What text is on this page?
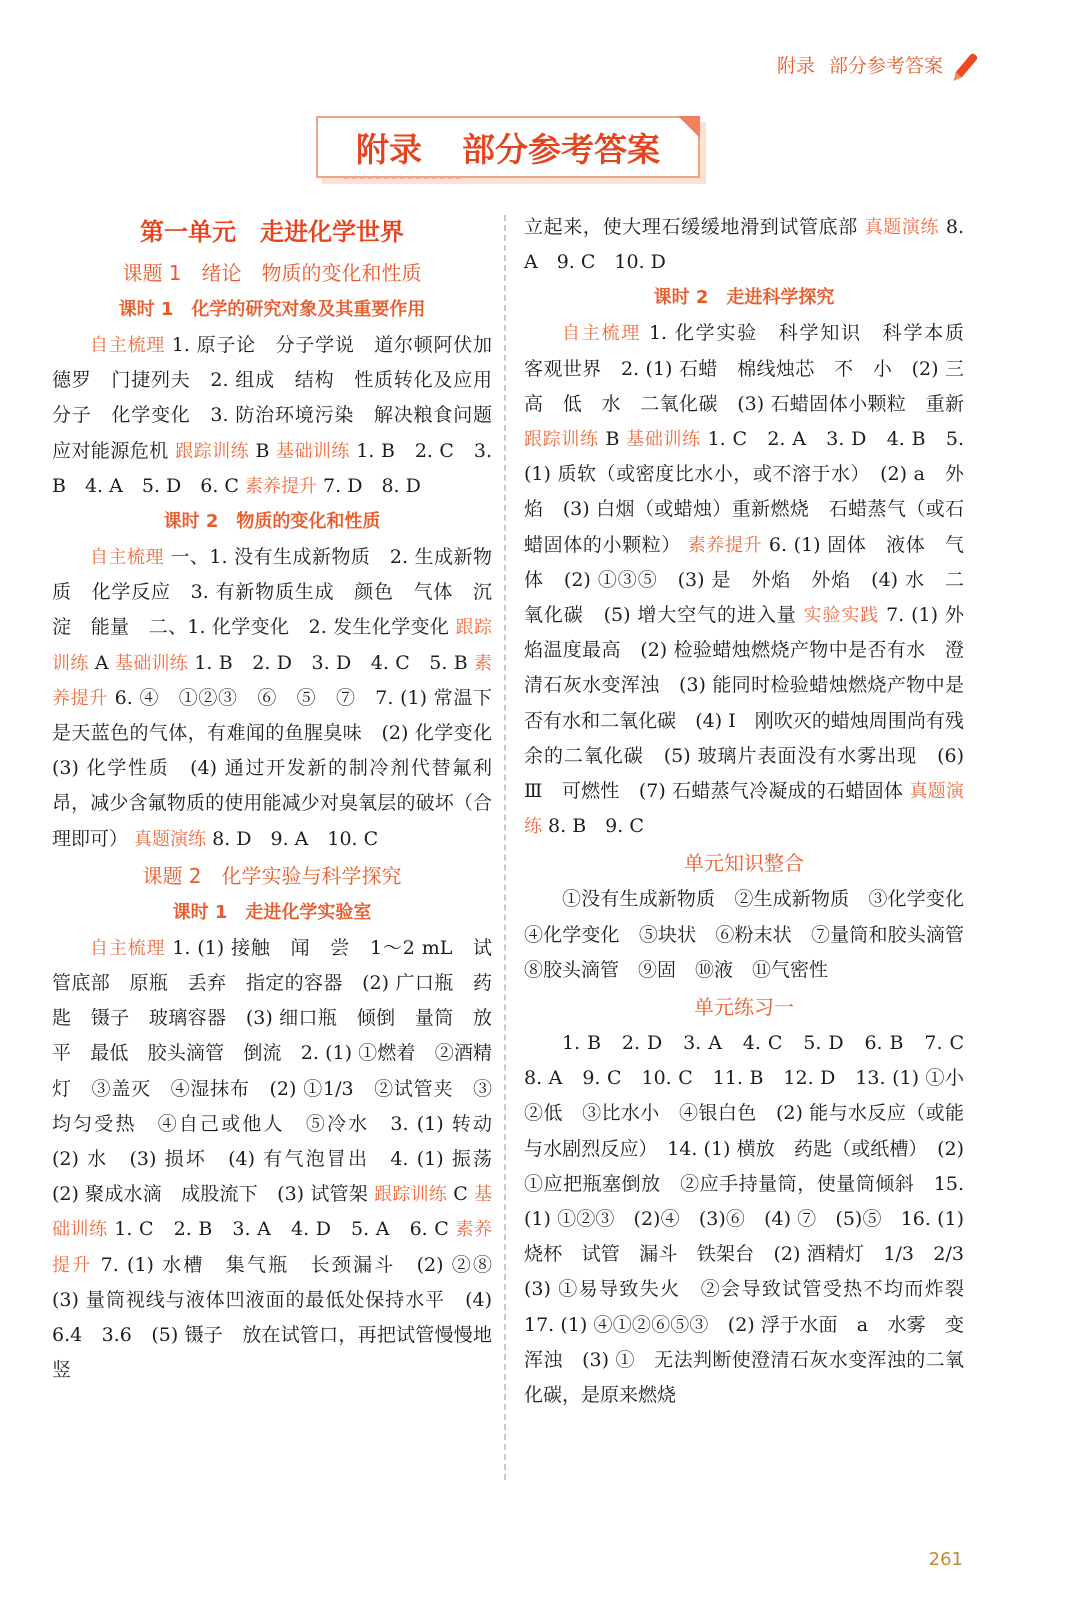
附录 部分参考答案
附录 部分参考答案
第一单元　走进化学世界
课题 1　绪论　物质的变化和性质
课时 1　化学的研究对象及其重要作用

自主梳理 1. 原子论　分子学说　道尔顿阿伏加德罗　门捷列夫　2. 组成　结构　性质转化及应用　分子　化学变化　3. 防治环境污染　解决粮食问题　应对能源危机 跟踪训练 B 基础训练 1. B　2. C　3. B　4. A　5. D　6. C 素养提升 7. D　8. D

课时 2　物质的变化和性质

自主梳理 一、1. 没有生成新物质　2. 生成新物质　化学反应　3. 有新物质生成　颜色　气体　沉淀　能量　二、1. 化学变化　2. 发生化学变化 跟踪训练 A 基础训练 1. B　2. D　3. D　4. C　5. B 素养提升 6. ④　①②③　⑥　⑤　⑦　7. (1) 常温下是天蓝色的气体，有难闻的鱼腥臭味　(2) 化学变化　(3) 化学性质　(4) 通过开发新的制冷剂代替氟利昂，减少含氟物质的使用能减少对臭氧层的破坏（合理即可） 真题演练 8. D　9. A　10. C

课题 2　化学实验与科学探究
课时 1　走进化学实验室

自主梳理 1. (1) 接触　闻　尝　1～2 mL　试管底部　原瓶　丢弃　指定的容器　(2) 广口瓶　药匙　镊子　玻璃容器　(3) 细口瓶　倾倒　量筒　放平　最低　胶头滴管　倒流　2. (1) ①燃着　②酒精灯　③盖灭　④湿抹布　(2) ①1/3　②试管夹　③均匀受热　④自己或他人　⑤冷水　3. (1) 转动　(2) 水　(3) 损坏　(4) 有气泡冒出　4. (1) 振荡　(2) 聚成水滴　成股流下　(3) 试管架 跟踪训练 C 基础训练 1. C　2. B　3. A　4. D　5. A　6. C 素养提升 7. (1) 水槽　集气瓶　长颈漏斗　(2) ②⑧　(3) 量筒视线与液体凹液面的最低处保持水平　(4) 6.4　3.6　(5) 镊子　放在试管口，再把试管慢慢地竖

立起来，使大理石缓缓地滑到试管底部 真题演练 8. A　9. C　10. D

课时 2　走进科学探究

自主梳理 1. 化学实验　科学知识　科学本质　客观世界　2. (1) 石蜡　棉线烛芯　不　小　(2) 三　高　低　水　二氧化碳　(3) 石蜡固体小颗粒　重新 跟踪训练 B 基础训练 1. C　2. A　3. D　4. B　5. (1) 质软（或密度比水小，或不溶于水）　(2) a　外焰　(3) 白烟（或蜡烛）重新燃烧　石蜡蒸气（或石蜡固体的小颗粒） 素养提升 6. (1) 固体　液体　气体　(2) ①③⑤　(3) 是　外焰　外焰　(4) 水　二氧化碳　(5) 增大空气的进入量 实验实践 7. (1) 外焰温度最高　(2) 检验蜡烛燃烧产物中是否有水　澄清石灰水变浑浊　(3) 能同时检验蜡烛燃烧产物中是否有水和二氧化碳　(4) Ⅰ　刚吹灭的蜡烛周围尚有残余的二氧化碳　(5) 玻璃片表面没有水雾出现　(6) Ⅲ　可燃性　(7) 石蜡蒸气冷凝成的石蜡固体 真题演练 8. B　9. C

单元知识整合

①没有生成新物质　②生成新物质　③化学变化　④化学变化　⑤块状　⑥粉末状　⑦量筒和胶头滴管　⑧胶头滴管　⑨固　⑩液　⑪气密性

单元练习一

1. B　2. D　3. A　4. C　5. D　6. B　7. C　8. A　9. C　10. C　11. B　12. D　13. (1) ①小　②低　③比水小　④银白色　(2) 能与水反应（或能与水剧烈反应）　14. (1) 横放　药匙（或纸槽）　(2) ①应把瓶塞倒放　②应手持量筒，使量筒倾斜　15. (1) ①②③　(2)④　(3)⑥　(4) ⑦　(5)⑤　16. (1) 烧杯　试管　漏斗　铁架台　(2) 酒精灯　1/3　2/3　(3) ①易导致失火　②会导致试管受热不均而炸裂　17. (1) ④①②⑥⑤③　(2) 浮于水面　a　水雾　变浑浊　(3) ①　无法判断使澄清石灰水变浑浊的二氧化碳，是原来燃烧

261
